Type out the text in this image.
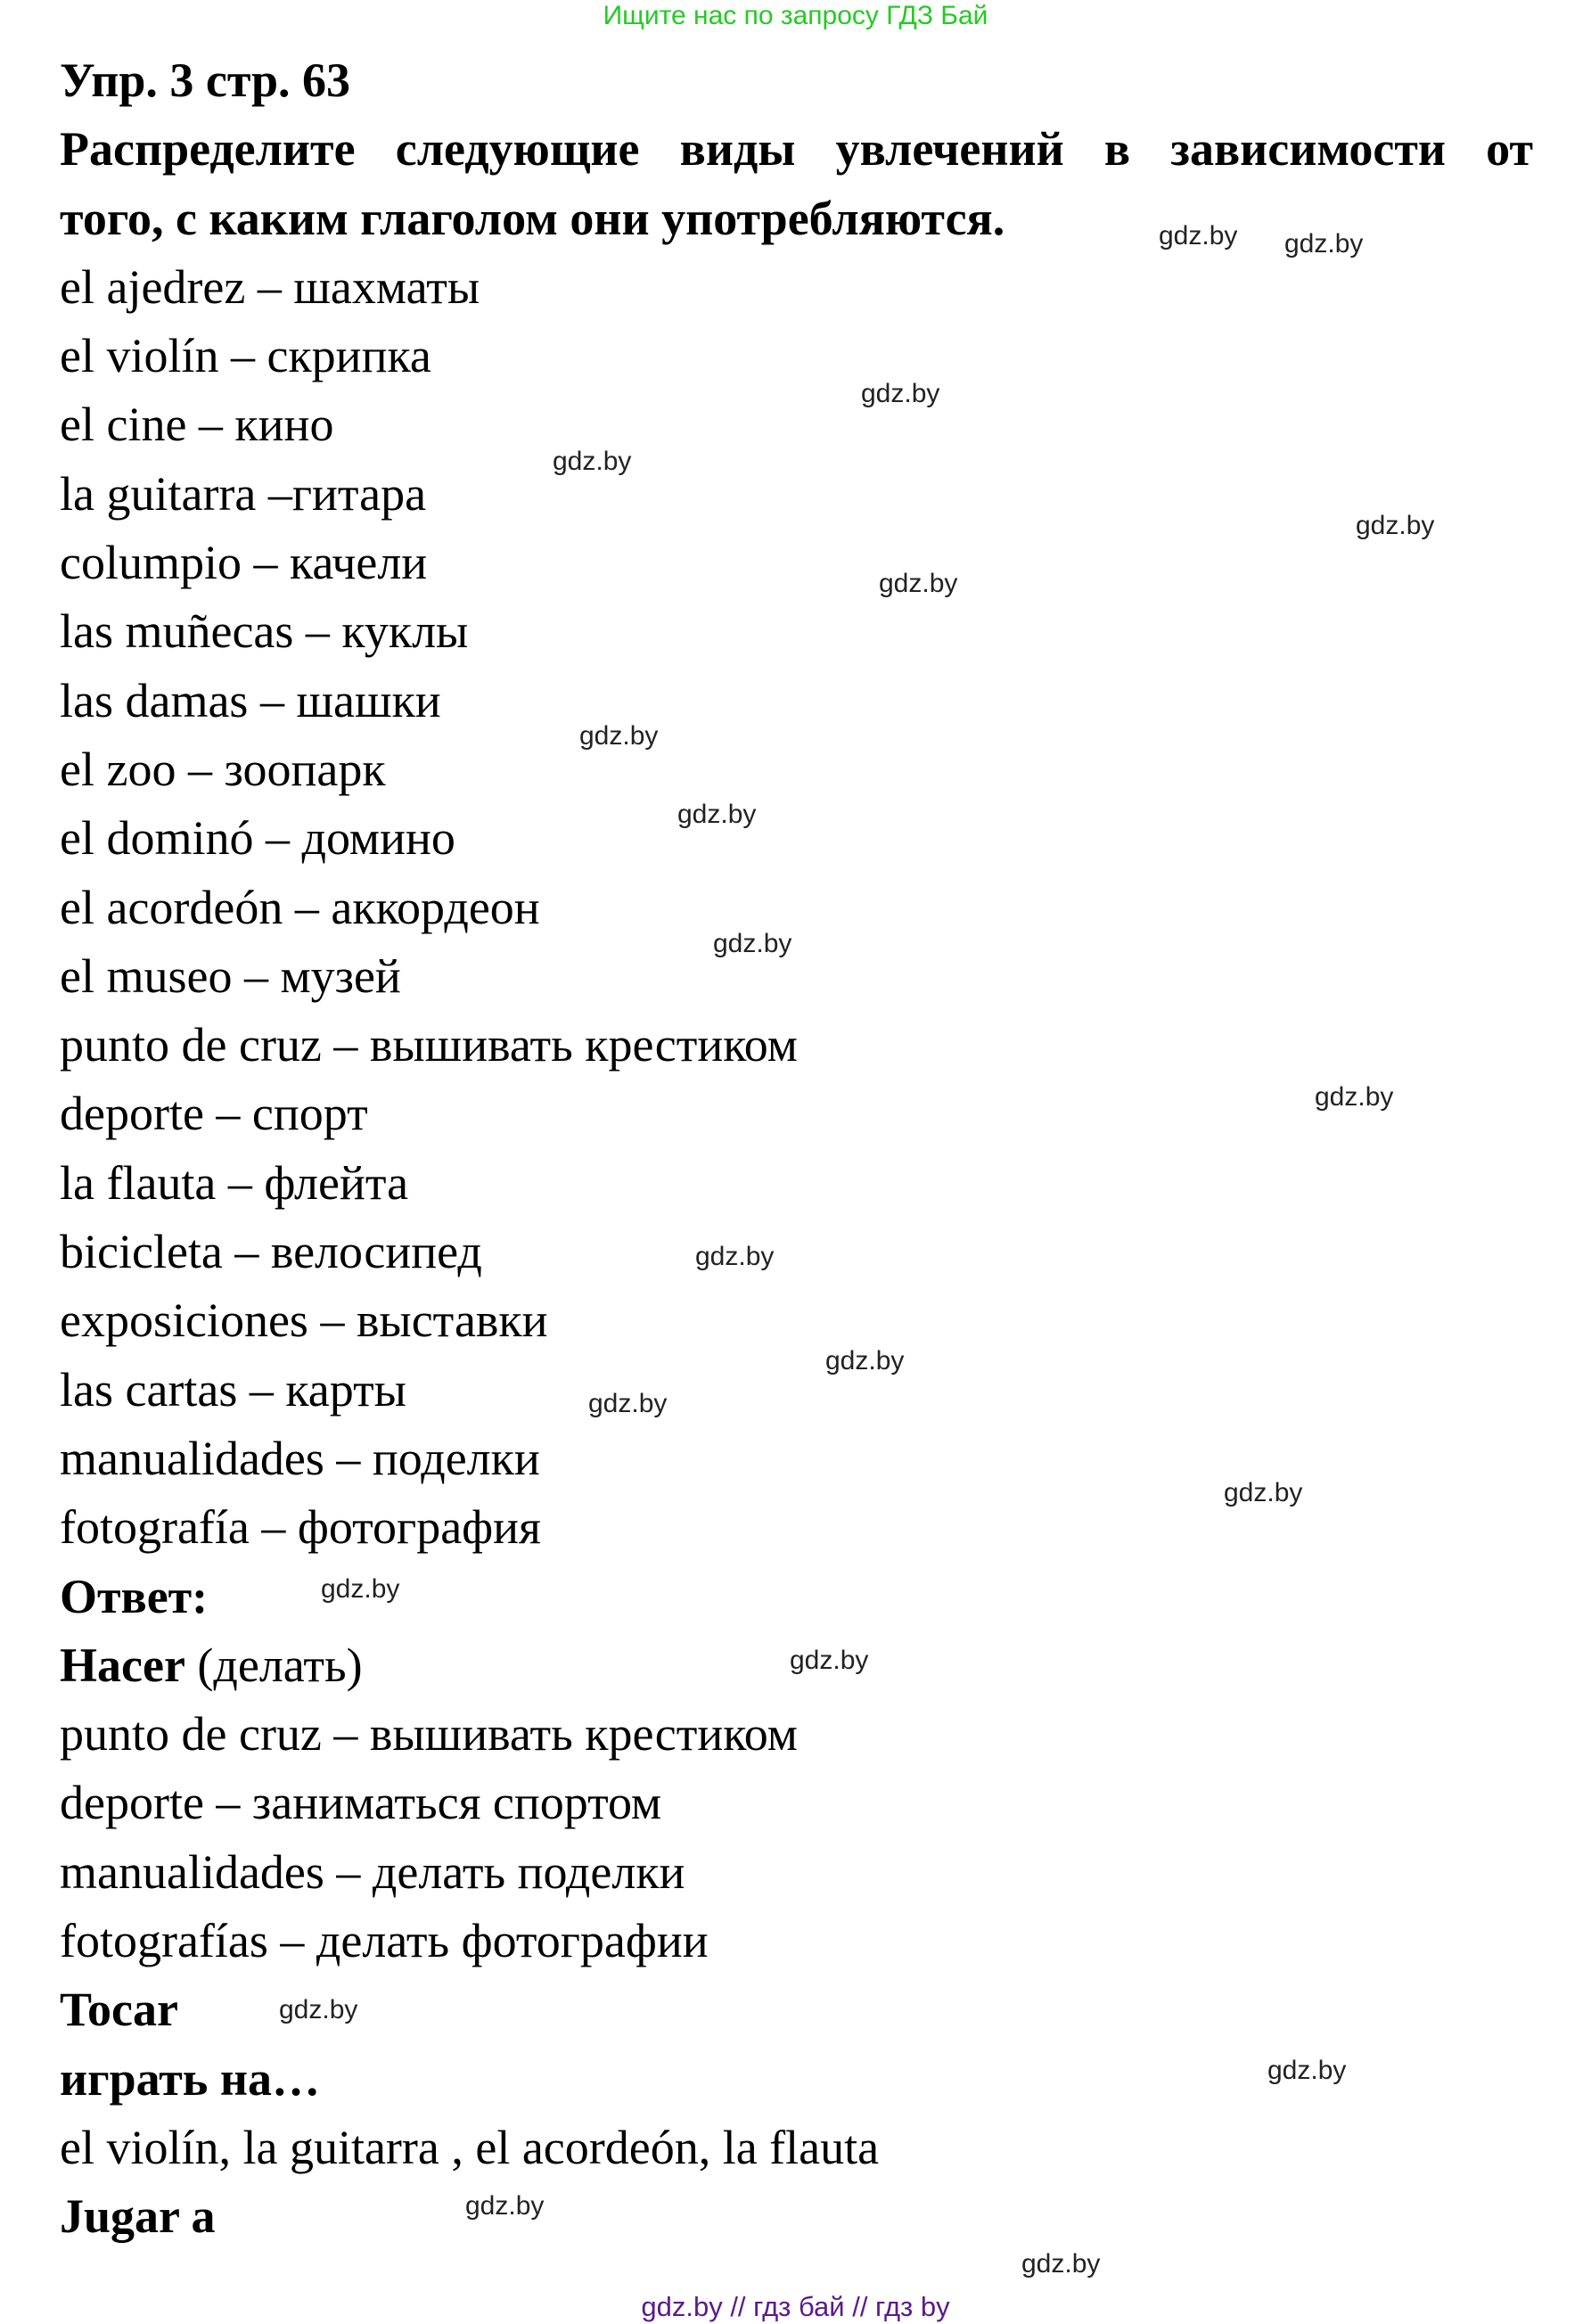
Ищите нас по запросу ГДЗ Бай
Упр. 3 стр. 63
Распределите следующие виды увлечений в зависимости от
того, с каким глаголом они употребляются.
el ajedrez – шахматы
el violín – скрипка
el cine – кино
la guitarra –гитара
columpio – качели
las muñecas – куклы
las damas – шашки
el zoo – зоопарк
el dominó – домино
el acordeón – аккордеон
el museo – музей
punto de cruz – вышивать крестиком
deporte – спорт
la flauta – флейта
bicicleta – велосипед
exposiciones – выставки
las cartas – карты
manualidades – поделки
fotografía – фотография
Ответ:
Hacer (делать)
punto de cruz – вышивать крестиком
deporte – заниматься спортом
manualidades – делать поделки
fotografías – делать фотографии
Tocar
играть на…
el violín, la guitarra , el acordeón, la flauta
Jugar a
gdz.by gdz.by
gdz.by
gdz.by
gdz.by
gdz.by
gdz.by
gdz.by
gdz.by
gdz.by
gdz.by
gdz.by
gdz.by
gdz.by
gdz.by
gdz.by
gdz.by
gdz.by
gdz.by
gdz.by
gdz.by // гдз бай // гдз by
